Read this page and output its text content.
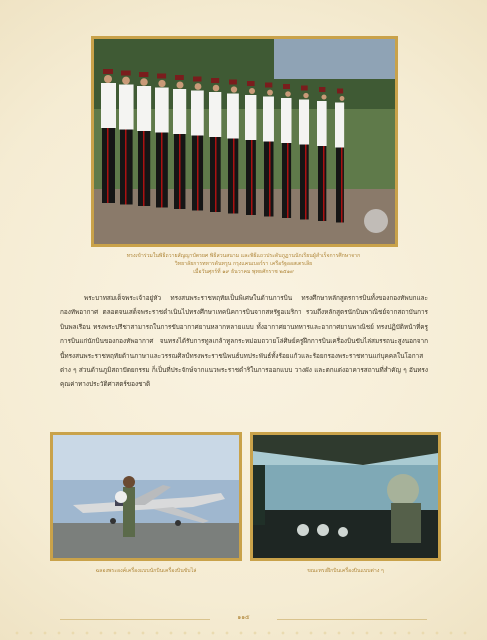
ทรงเข้าร่วมในพิธีถวายสัญญาบัตรยศ พิธีสวนสนาม และพิธีแถวประดับภูฏานนักเรียนผู้สำเร็จการศึกษาจาก
วิทยาลัยการทหารดันทรูน กรุงแคนเบอร์รา เครือรัฐออสเตรเลีย
เมื่อวันศุกร์ที่ ๑๙ ธันวาคม พุทธศักราช ๒๕๑๙

พระบาทสมเด็จพระเจ้าอยู่หัว ทรงสนพระราชหฤทัยเป็นพิเศษในด้านการบิน ทรงศึกษาหลักสูตรการบินทั้งของกองทัพบกและกองทัพอากาศ ตลอดจนเสด็จพระราชดำเนินไปทรงศึกษาเทคนิคการบินจากสหรัฐอเมริกา รวมถึงหลักสูตรนักบินพาณิชย์จากสถาบันการบินพลเรือน ทรงพระปรีชาสามารถในการขับอากาศยานหลากหลายแบบ ทั้งอากาศยานทหารและอากาศยานพาณิชย์ ทรงปฏิบัติหน้าที่ครูการบินแก่นักบินของกองทัพอากาศ จนทรงได้รับการทูลเกล้าทูลกระหม่อมถวายโล่ศิษย์ครูฝึกการบินเครื่องบินขับไล่สมรรถนะสูงนอกจากนี้ทรงสนพระราชหฤทัยด้านภาษาและวรรณศิลป์ทรงพระราชนิพนธ์บทประพันธ์ทั้งร้อยแก้วและร้อยกรองพระราชทานแก่บุคคลในโอกาสต่าง ๆ ส่วนด้านภูมิสถาปัตยกรรม ก็เป็นที่ประจักษ์จากแนวพระราชดำริในการออกแบบ วางผัง และตกแต่งอาคารสถานที่สำคัญ ๆ อันทรงคุณค่าทางประวัติศาสตร์ของชาติ

ฉลองพระองค์เครื่องแบบนักบินเครื่องบินขับไล่	ขณะทรงฝึกบินเครื่องบินแบบต่าง ๆ
๑๑๕
